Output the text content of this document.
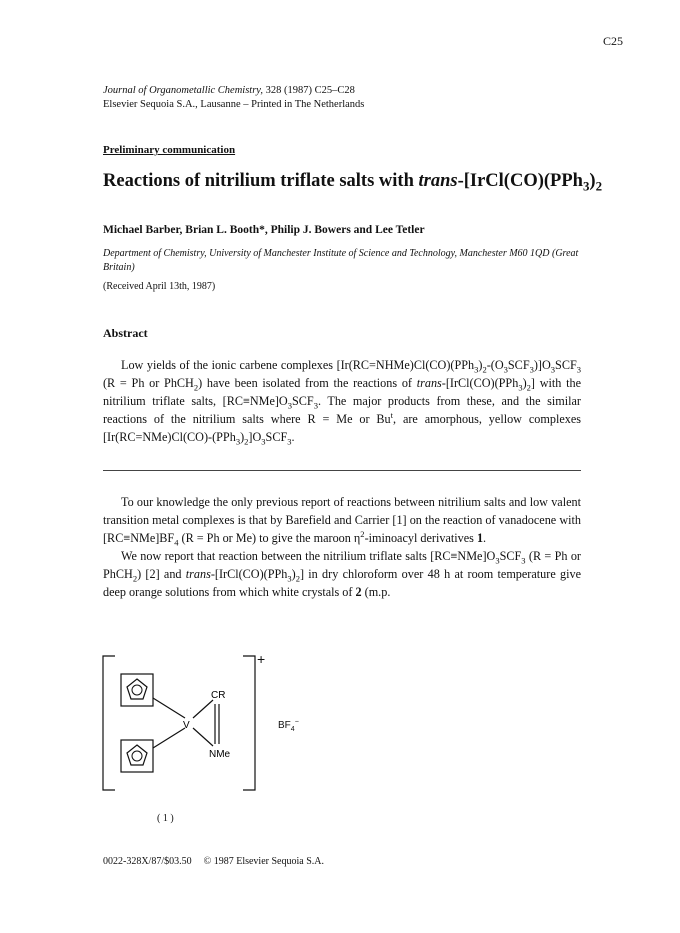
C25
Journal of Organometallic Chemistry, 328 (1987) C25–C28
Elsevier Sequoia S.A., Lausanne – Printed in The Netherlands
Preliminary communication
Reactions of nitrilium triflate salts with trans-[$IrCl(CO)(PPh_3)_2$
Michael Barber, Brian L. Booth*, Philip J. Bowers and Lee Tetler
Department of Chemistry, University of Manchester Institute of Science and Technology, Manchester M60 1QD (Great Britain)
(Received April 13th, 1987)
Abstract
Low yields of the ionic carbene complexes $[Ir(RC=NHMe)Cl(CO)(PPh_3)_2-(O_3SCF_3)]O_3SCF_3$ (R = Ph or PhCH$_2$) have been isolated from the reactions of trans-$[IrCl(CO)(PPh_3)_2]$ with the nitrilium triflate salts, $[RC\equiv NMe]O_3SCF_3$. The major products from these, and the similar reactions of the nitrilium salts where R = Me or Bu$^t$, are amorphous, yellow complexes $[Ir(RC=NMe)Cl(CO)-(PPh_3)_2]O_3SCF_3$.

To our knowledge the only previous report of reactions between nitrilium salts and low valent transition metal complexes is that by Barefield and Carrier [1] on the reaction of vanadocene with $[RC\equiv NMe]BF_4$ (R = Ph or Me) to give the maroon $\eta^2$-iminoacyl derivatives 1.

We now report that reaction between the nitrilium triflate salts $[RC\equiv NMe]O_3SCF_3$ (R = Ph or PhCH$_2$) [2] and trans-$[IrCl(CO)(PPh_3)_2]$ in dry chloroform over 48 h at room temperature give deep orange solutions from which white crystals of 2 (m.p.

V
CR
NMe
+
$BF_4^-$
( 1 )
0022-328X/87/$03.50 © 1987 Elsevier Sequoia S.A.
